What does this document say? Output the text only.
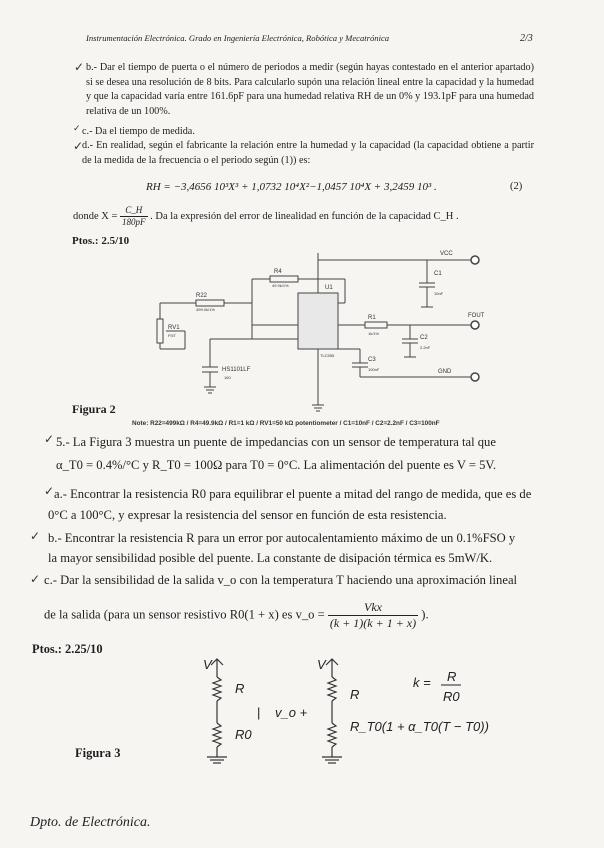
Instrumentación Electrónica. Grado en Ingeniería Electrónica, Robótica y Mecatrónica	2/3
✓
✓
✓
b.- Dar el tiempo de puerta o el número de periodos a medir (según hayas contestado en el anterior apartado) si se desea una resolución de 8 bits. Para calcularlo supón una relación lineal entre la capacidad y la humedad y que la capacidad varía entre 161.6pF para una humedad relativa RH de un 0% y 193.1pF para una humedad relativa de un 100%.
c.- Da el tiempo de medida.
d.- En realidad, según el fabricante la relación entre la humedad y la capacidad (la capacidad obtiene a partir de la medida de la frecuencia o el periodo según (1)) es:
RH = −3,4656 10³X³ + 1,0732 10⁴X²−1,0457 10⁴X + 3,2459 10³ .	(2)
donde $X = \frac{C\_H}{180pF}$ . Da la expresión del error de linealidad en función de la capacidad C_H .
Ptos.: 2.5/10
VCC
FOUT
GND
R4
49.9k/1%
R22
499.0k/1%
RV1
P.5T
U1
R1
1k/1%
C1
10nF
C2
2.2nF
C3
100nF
HS1101LF
160
TLC555
Figura 2
Note: R22=499kΩ / R4=49.9kΩ / R1=1 kΩ / RV1=50 kΩ potentiometer / C1=10nF / C2=2.2nF / C3=100nF
✓ 5.- La Figura 3 muestra un puente de impedancias con un sensor de temperatura tal que
α_T0 = 0.4%/°C y R_T0 = 100Ω para T0 = 0°C. La alimentación del puente es V = 5V.
✓ a.- Encontrar la resistencia R0 para equilibrar el puente a mitad del rango de medida, que es de
0°C a 100°C, y expresar la resistencia del sensor en función de esta resistencia.
✓ b.- Encontrar la resistencia R para un error por autocalentamiento máximo de un 0.1%FSO y
la mayor sensibilidad posible del puente. La constante de disipación térmica es 5mW/K.
✓ c.- Dar la sensibilidad de la salida v_o con la temperatura T haciendo una aproximación lineal
de la salida (para un sensor resistivo R0(1 + x) es v_o = $\frac{\text{Vkx}}{(k + 1)(k + 1 + x)}$ ).
Ptos.: 2.25/10
V	V
R
R0
| v_o +
R
R_T0(1 + α_T0(T − T0))
k = R
R0
Figura 3
Dpto. de Electrónica.
